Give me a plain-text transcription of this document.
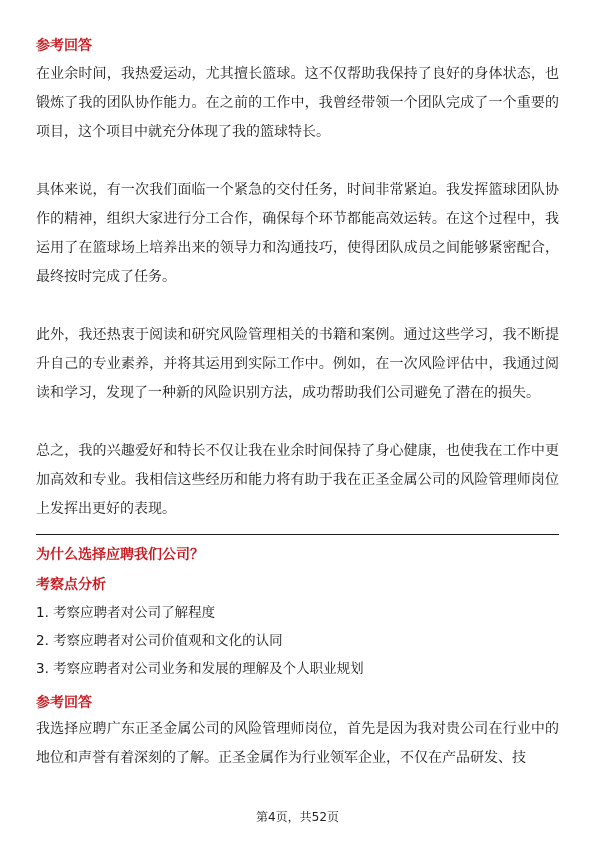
参考回答

在业余时间，我热爱运动，尤其擅长篮球。这不仅帮助我保持了良好的身体状态，也锻炼了我的团队协作能力。在之前的工作中，我曾经带领一个团队完成了一个重要的项目，这个项目中就充分体现了我的篮球特长。

具体来说，有一次我们面临一个紧急的交付任务，时间非常紧迫。我发挥篮球团队协作的精神，组织大家进行分工合作，确保每个环节都能高效运转。在这个过程中，我运用了在篮球场上培养出来的领导力和沟通技巧，使得团队成员之间能够紧密配合，最终按时完成了任务。

此外，我还热衷于阅读和研究风险管理相关的书籍和案例。通过这些学习，我不断提升自己的专业素养，并将其运用到实际工作中。例如，在一次风险评估中，我通过阅读和学习，发现了一种新的风险识别方法，成功帮助我们公司避免了潜在的损失。

总之，我的兴趣爱好和特长不仅让我在业余时间保持了身心健康，也使我在工作中更加高效和专业。我相信这些经历和能力将有助于我在正圣金属公司的风险管理师岗位上发挥出更好的表现。

为什么选择应聘我们公司？
考察点分析
1. 考察应聘者对公司了解程度
2. 考察应聘者对公司价值观和文化的认同
3. 考察应聘者对公司业务和发展的理解及个人职业规划
参考回答

我选择应聘广东正圣金属公司的风险管理师岗位，首先是因为我对贵公司在行业中的地位和声誉有着深刻的了解。正圣金属作为行业领军企业，不仅在产品研发、技

第4页，共52页
